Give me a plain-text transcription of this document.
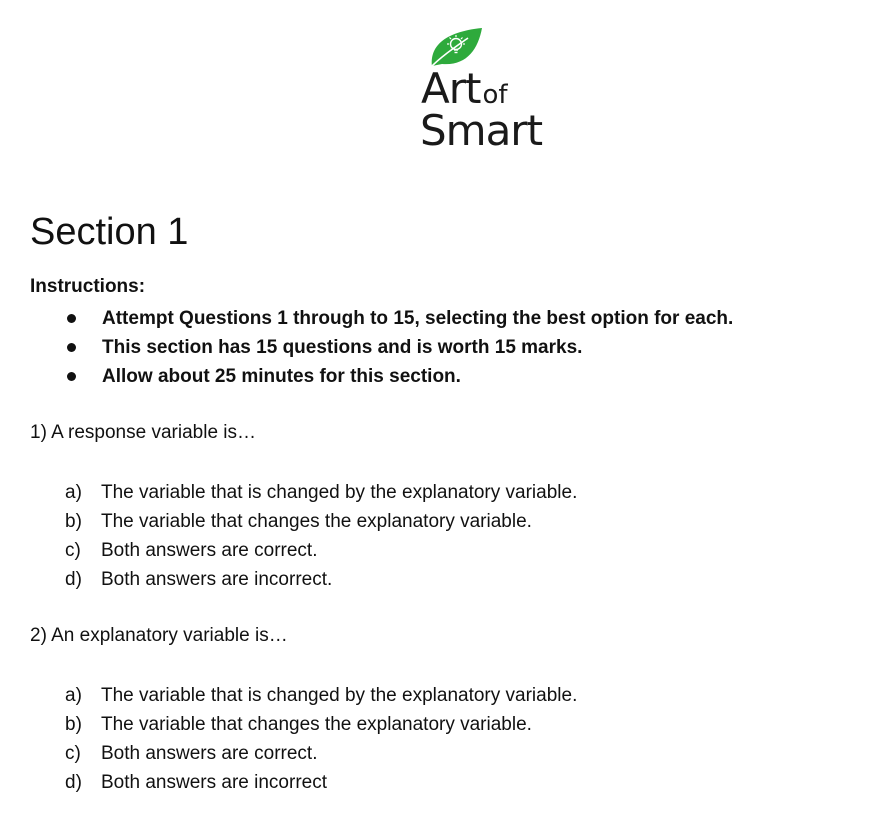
Artof
Smart
Section 1
Instructions:
Attempt Questions 1 through to 15, selecting the best option for each.
This section has 15 questions and is worth 15 marks.
Allow about 25 minutes for this section.
1) A response variable is…
a)	The variable that is changed by the explanatory variable.
b)	The variable that changes the explanatory variable.
c)	Both answers are correct.
d)	Both answers are incorrect.
2) An explanatory variable is…
a)	The variable that is changed by the explanatory variable.
b)	The variable that changes the explanatory variable.
c)	Both answers are correct.
d)	Both answers are incorrect
